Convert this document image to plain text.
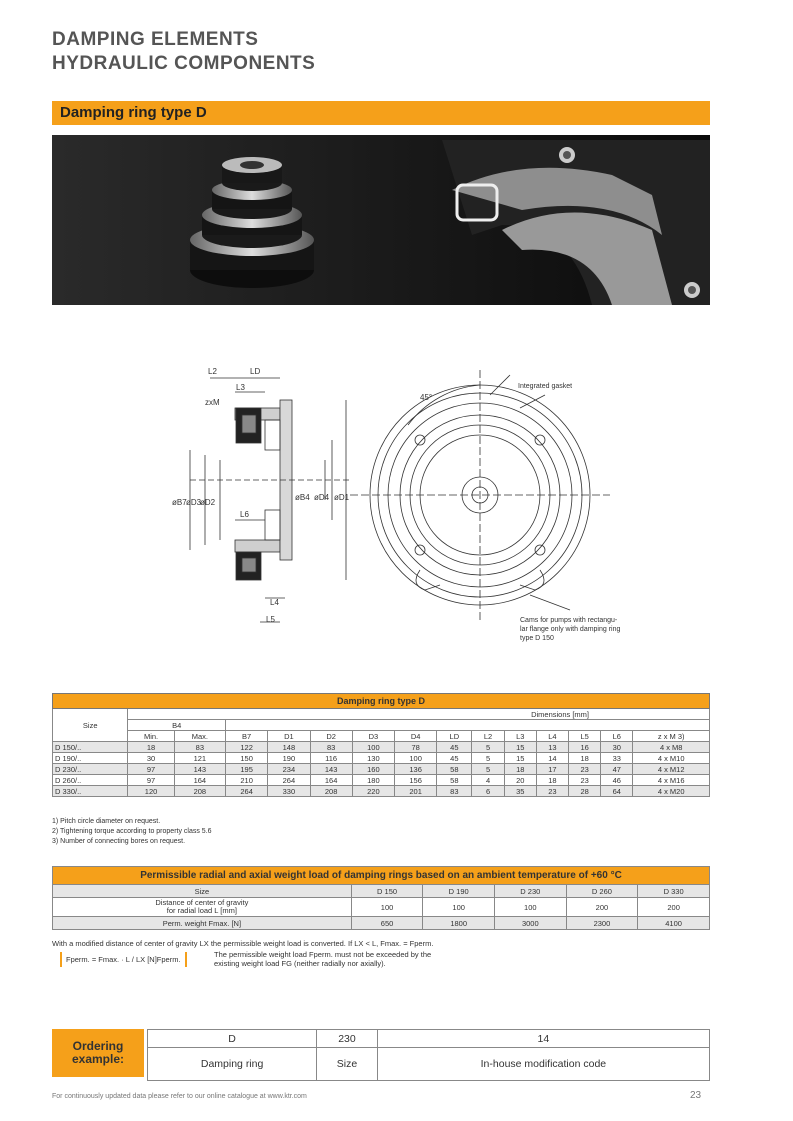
DAMPING ELEMENTS
HYDRAULIC COMPONENTS
Damping ring type D
L2	LD
L3
zxM
øB7 øD3
øD2
L6
øB4 øD4 øD1
L4
L5
45°
Integrated gasket
Cams for pumps with rectangu-
lar flange only with damping ring
type D 150
Damping ring type D														
Size	Dimensions [mm]													
	B4													
	Min.	Max.	B7	D1	D2	D3	D4	LD	L2	L3	L4	L5	L6	z x M 3)
D 150/..	18	83	122	148	83	100	78	45	5	15	13	16	30	4 x M8
D 190/..	30	121	150	190	116	130	100	45	5	15	14	18	33	4 x M10
D 230/..	97	143	195	234	143	160	136	58	5	18	17	23	47	4 x M12
D 260/..	97	164	210	264	164	180	156	58	4	20	18	23	46	4 x M16
D 330/..	120	208	264	330	208	220	201	83	6	35	23	28	64	4 x M20
1) Pitch circle diameter on request.
2) Tightening torque according to property class 5.6
3) Number of connecting bores on request.
Permissible radial and axial weight load of damping rings based on an ambient temperature of +60 °C					
Size	D 150	D 190	D 230	D 260	D 330
Distance of center of gravity
for radial load L [mm]	100	100	100	200	200
Perm. weight Fmax. [N]	650	1800	3000	2300	4100
With a modified distance of center of gravity LX the permissible weight load is converted. If LX < L, Fmax. = Fperm.
Fperm. = Fmax. · L / LX [N]Fperm.
The permissible weight load Fperm. must not be exceeded by the
existing weight load FG (neither radially nor axially).
Ordering
example:
D	230	14
Damping ring	Size	In-house modification code
For continuously updated data please refer to our online catalogue at www.ktr.com	23
